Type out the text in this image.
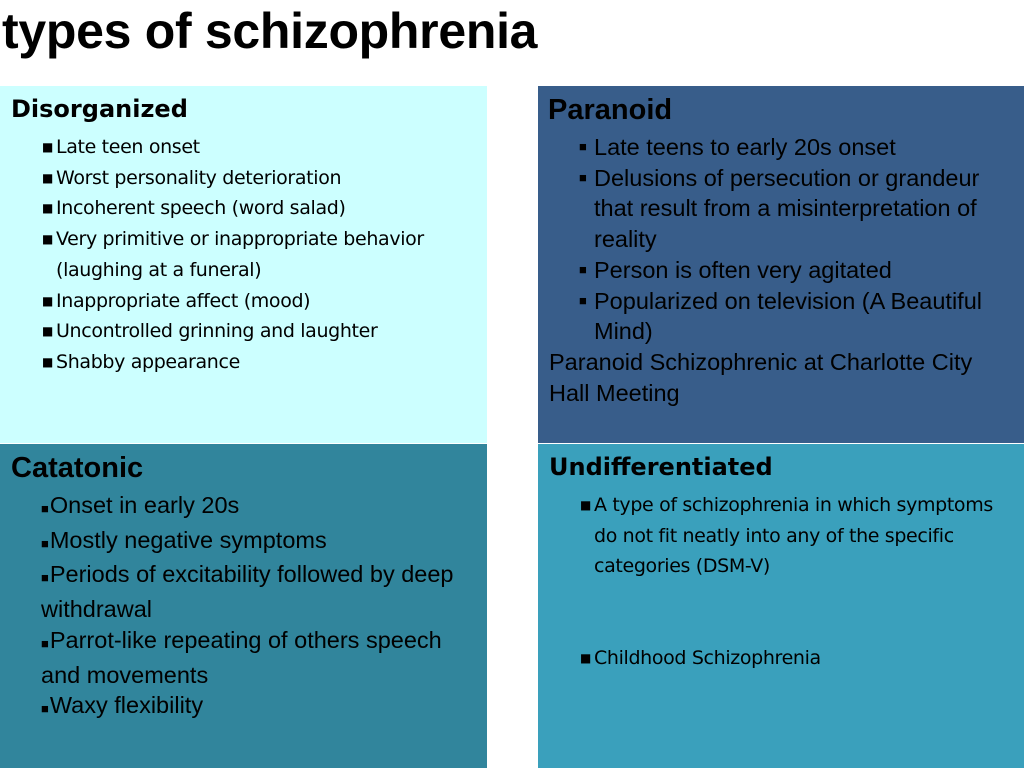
types of schizophrenia
Disorganized
■ Late teen onset
■ Worst personality deterioration
■ Incoherent speech (word salad)
■ Very primitive or inappropriate behavior (laughing at a funeral)
■ Inappropriate affect (mood)
■ Uncontrolled grinning and laughter
■ Shabby appearance
Paranoid
■ Late teens to early 20s onset
■ Delusions of persecution or grandeur that result from a misinterpretation of reality
■ Person is often very agitated
■ Popularized on television (A Beautiful Mind)
Paranoid Schizophrenic at Charlotte City Hall Meeting
Catatonic
■Onset in early 20s
■Mostly negative symptoms
■Periods of excitability followed by deep withdrawal
■Parrot-like repeating of others speech and movements
■Waxy flexibility
Undifferentiated
■ A type of schizophrenia in which symptoms do not fit neatly into any of the specific categories (DSM-V)
■ Childhood Schizophrenia
